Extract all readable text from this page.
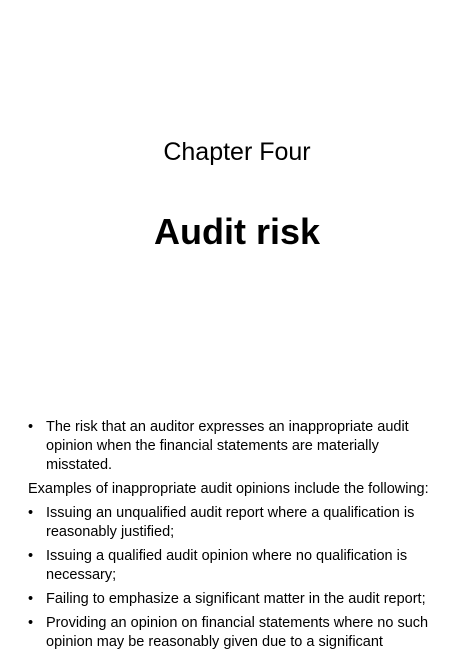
Chapter Four
Audit risk
• The risk that an auditor expresses an inappropriate audit opinion when the financial statements are materially misstated.
Examples of inappropriate audit opinions include the following:
• Issuing an unqualified audit report where a qualification is reasonably justified;
• Issuing a qualified audit opinion where no qualification is necessary;
• Failing to emphasize a significant matter in the audit report;
• Providing an opinion on financial statements where no such opinion may be reasonably given due to a significant
